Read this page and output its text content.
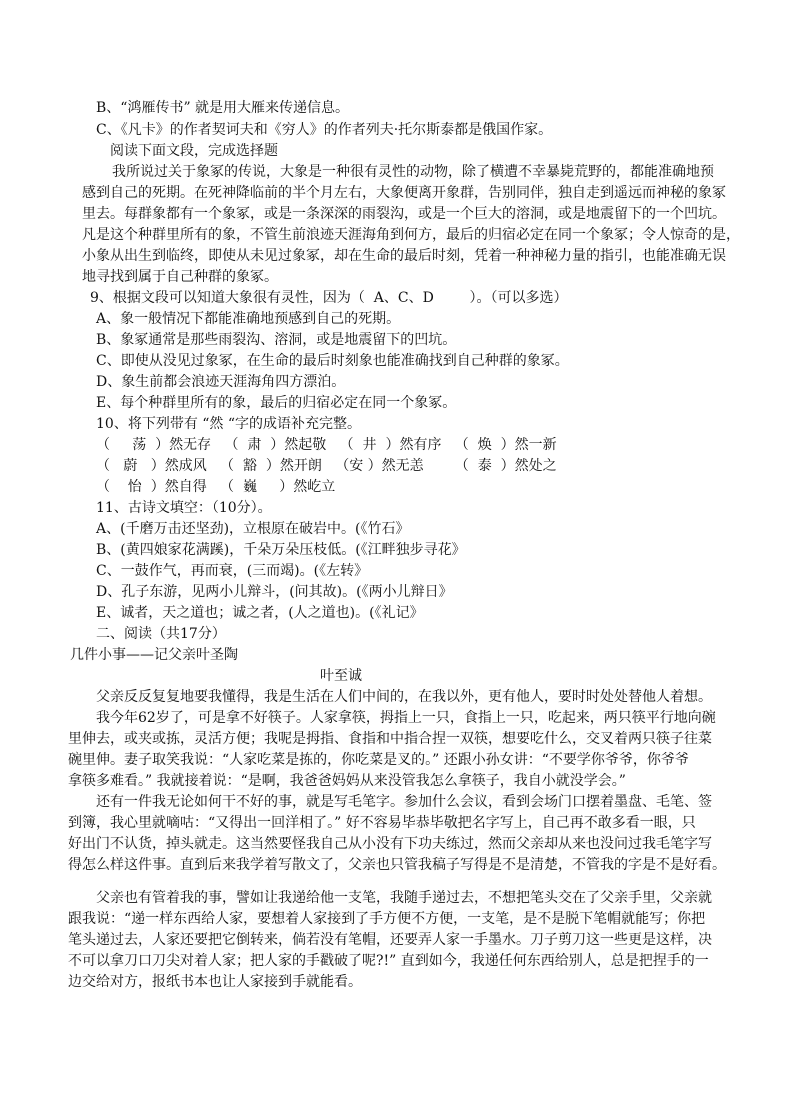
B、“鸿雁传书” 就是用大雁来传递信息。
C、《凡卡》的作者契诃夫和《穷人》的作者列夫·托尔斯泰都是俄国作家。
阅读下面文段，完成选择题
我所说过关于象冢的传说，大象是一种很有灵性的动物，除了横遭不幸暴毙荒野的，都能准确地预
感到自己的死期。在死神降临前的半个月左右，大象便离开象群，告别同伴，独自走到遥远而神秘的象冢
里去。每群象都有一个象冢，或是一条深深的雨裂沟，或是一个巨大的溶洞，或是地震留下的一个凹坑。
凡是这个种群里所有的象，不管生前浪迹天涯海角到何方，最后的归宿必定在同一个象冢；令人惊奇的是，
小象从出生到临终，即使从未见过象冢，却在生命的最后时刻，凭着一种神秘力量的指引，也能准确无误
地寻找到属于自己种群的象冢。
9、根据文段可以知道大象很有灵性，因为（  A、C、D        ）。（可以多选）
A、象一般情况下都能准确地预感到自己的死期。
B、象冢通常是那些雨裂沟、溶洞，或是地震留下的凹坑。
C、即使从没见过象冢，在生命的最后时刻象也能准确找到自己种群的象冢。
D、象生前都会浪迹天涯海角四方漂泊。
E、每个种群里所有的象，最后的归宿必定在同一个象冢。
10、将下列带有 “然 “字的成语补充完整。
（     荡  ）然无存   （  肃  ）然起敬   （  井  ）然有序   （  焕  ）然一新
（   蔚   ）然成风   （  豁  ）然开朗   （安 ）然无恙       （  泰  ）然处之
（    怡  ）然自得   （  巍     ）然屹立
11、古诗文填空：（10分）。
A、(千磨万击还坚劲)，立根原在破岩中。(《竹石》
B、(黄四娘家花满蹊)，千朵万朵压枝低。(《江畔独步寻花》
C、一鼓作气，再而衰，(三而竭)。(《左转》
D、孔子东游，见两小儿辩斗，(问其故)。(《两小儿辩日》
E、诚者，天之道也；诚之者，(人之道也)。(《礼记》
二、阅读（共17分）
几件小事——记父亲叶圣陶
叶至诚
父亲反反复复地要我懂得，我是生活在人们中间的，在我以外，更有他人，要时时处处替他人着想。
我今年62岁了，可是拿不好筷子。人家拿筷，拇指上一只，食指上一只，吃起来，两只筷平行地向碗
里伸去，或夹或拣，灵活方便；我呢是拇指、食指和中指合捏一双筷，想要吃什么，交叉着两只筷子往菜
碗里伸。妻子取笑我说：“人家吃菜是拣的，你吃菜是叉的。” 还跟小孙女讲：“不要学你爷爷，你爷爷
拿筷多难看。” 我就接着说：“是啊，我爸爸妈妈从来没管我怎么拿筷子，我自小就没学会。”
还有一件我无论如何干不好的事，就是写毛笔字。参加什么会议，看到会场门口摆着墨盘、毛笔、签
到簿，我心里就嘀咕：“又得出一回洋相了。” 好不容易毕恭毕敬把名字写上，自己再不敢多看一眼，只
好出门不认货，掉头就走。这当然要怪我自己从小没有下功夫练过，然而父亲却从来也没问过我毛笔字写
得怎么样这件事。直到后来我学着写散文了，父亲也只管我稿子写得是不是清楚，不管我的字是不是好看。
父亲也有管着我的事，譬如让我递给他一支笔，我随手递过去，不想把笔头交在了父亲手里，父亲就
跟我说：“递一样东西给人家，要想着人家接到了手方便不方便，一支笔，是不是脱下笔帽就能写；你把
笔头递过去，人家还要把它倒转来，倘若没有笔帽，还要弄人家一手墨水。刀子剪刀这一些更是这样，决
不可以拿刀口刀尖对着人家；把人家的手戳破了呢?!” 直到如今，我递任何东西给别人，总是把捏手的一
边交给对方，报纸书本也让人家接到手就能看。
